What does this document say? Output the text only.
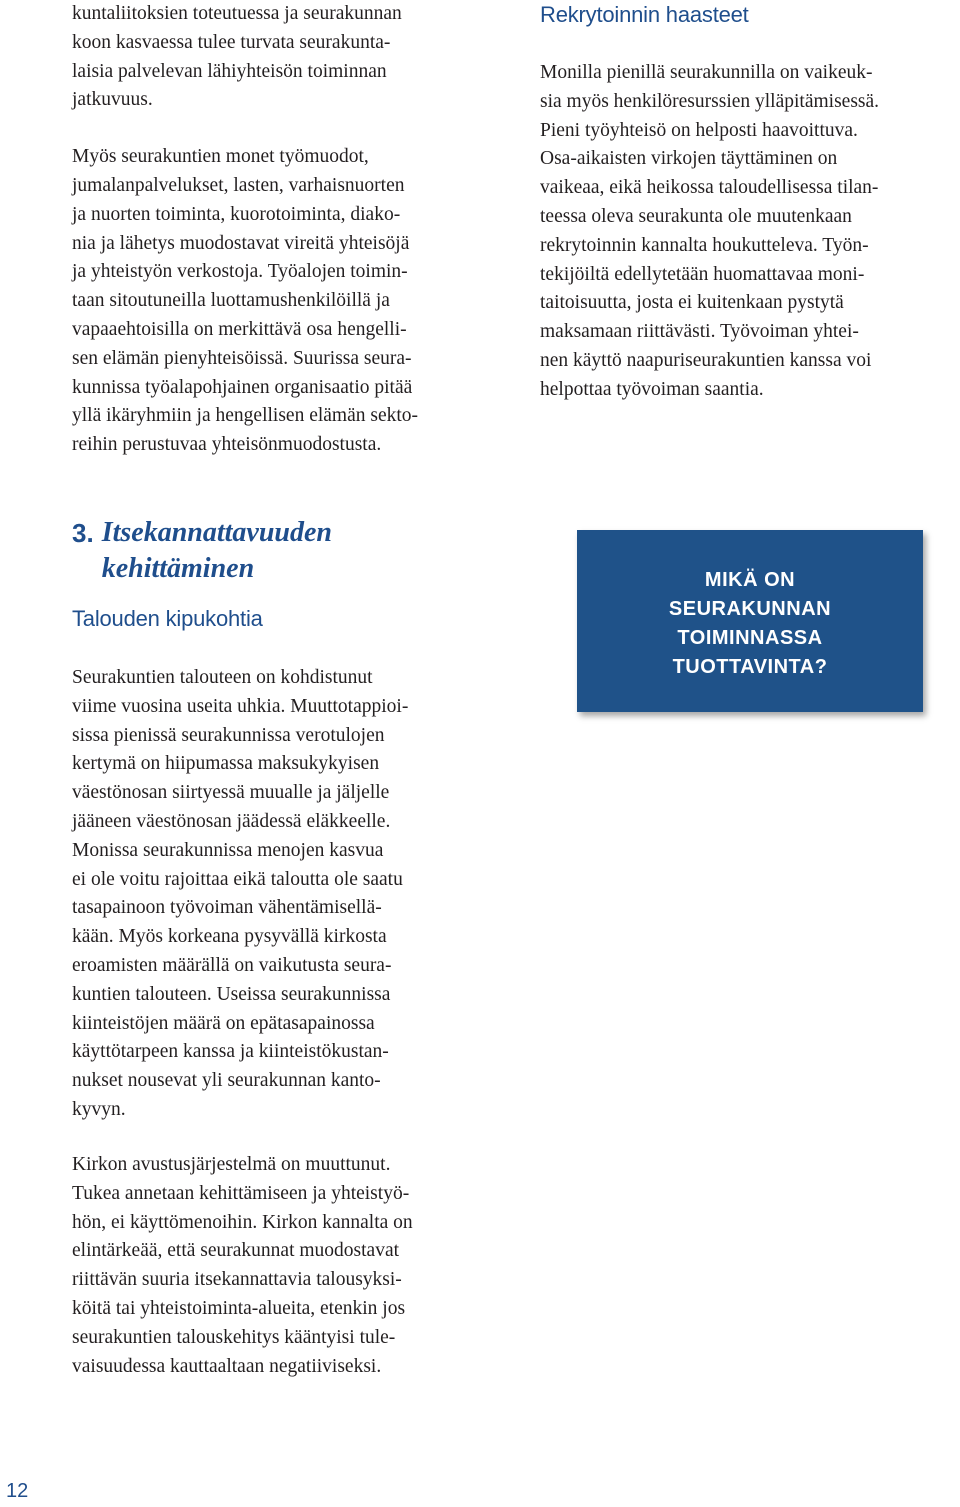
kuntaliitoksien toteutuessa ja seurakunnan
koon kasvaessa tulee turvata seurakunta-
laisia palvelevan lähiyhteisön toiminnan
jatkuvuus.

Myös seurakuntien monet työmuodot,
jumalanpalvelukset, lasten, varhaisnuorten
ja nuorten toiminta, kuorotoiminta, diako-
nia ja lähetys muodostavat vireitä yhteisöjä
ja yhteistyön verkostoja. Työalojen toimin-
taan sitoutuneilla luottamushenkilöillä ja
vapaaehtoisilla on merkittävä osa hengelli-
sen elämän pienyhteisöissä. Suurissa seura-
kunnissa työalapohjainen organisaatio pitää
yllä ikäryhmiin ja hengellisen elämän sekto-
reihin perustuvaa yhteisönmuodostusta.

Rekrytoinnin haasteet

Monilla pienillä seurakunnilla on vaikeuk-
sia myös henkilöresurssien ylläpitämisessä.
Pieni työyhteisö on helposti haavoittuva.
Osa-aikaisten virkojen täyttäminen on
vaikeaa, eikä heikossa taloudellisessa tilan-
teessa oleva seurakunta ole muutenkaan
rekrytoinnin kannalta houkutteleva. Työn-
tekijöiltä edellytetään huomattavaa moni-
taitoisuutta, josta ei kuitenkaan pystytä
maksamaan riittävästi. Työvoiman yhtei-
nen käyttö naapuriseurakuntien kanssa voi
helpottaa työvoiman saantia.

3. Itsekannattavuuden
kehittäminen
Talouden kipukohtia

Seurakuntien talouteen on kohdistunut
viime vuosina useita uhkia. Muuttotappioi-
sissa pienissä seurakunnissa verotulojen
kertymä on hiipumassa maksukykyisen
väestönosan siirtyessä muualle ja jäljelle
jääneen väestönosan jäädessä eläkkeelle.
Monissa seurakunnissa menojen kasvua
ei ole voitu rajoittaa eikä taloutta ole saatu
tasapainoon työvoiman vähentämisellä-
kään. Myös korkeana pysyvällä kirkosta
eroamisten määrällä on vaikutusta seura-
kuntien talouteen. Useissa seurakunnissa
kiinteistöjen määrä on epätasapainossa
käyttötarpeen kanssa ja kiinteistökustan-
nukset nousevat yli seurakunnan kanto-
kyvyn.

Kirkon avustusjärjestelmä on muuttunut.
Tukea annetaan kehittämiseen ja yhteistyö-
hön, ei käyttömenoihin. Kirkon kannalta on
elintärkeää, että seurakunnat muodostavat
riittävän suuria itsekannattavia talousyksi-
köitä tai yhteistoiminta-alueita, etenkin jos
seurakuntien talouskehitys kääntyisi tule-
vaisuudessa kauttaaltaan negatiiviseksi.

MIKÄ ON
SEURAKUNNAN
TOIMINNASSA
TUOTTAVINTA?
12
